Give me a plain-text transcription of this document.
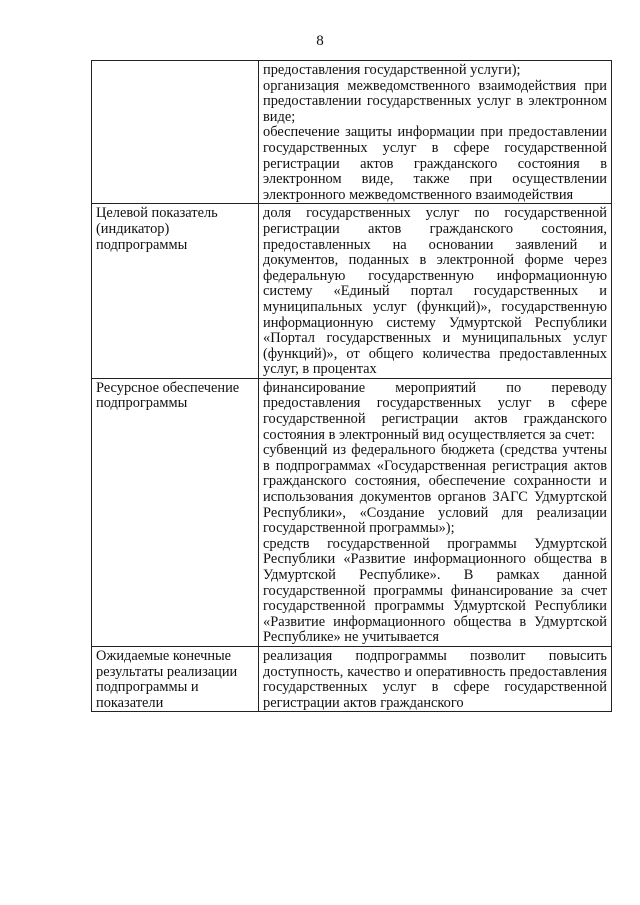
8

	предоставления государственной услуги);
организация межведомственного взаимодействия при предоставлении государственных услуг в электронном виде;
обеспечение защиты информации при предоставлении государственных услуг в сфере государственной регистрации актов гражданского состояния в электронном виде, также при осуществлении электронного межведомственного взаимодействия

Целевой показатель (индикатор) подпрограммы	доля государственных услуг по государственной регистрации актов гражданского состояния, предоставленных на основании заявлений и документов, поданных в электронной форме через федеральную государственную информационную систему «Единый портал государственных и муниципальных услуг (функций)», государственную информационную систему Удмуртской Республики «Портал государственных и муниципальных услуг (функций)», от общего количества предоставленных услуг, в процентах

Ресурсное обеспечение подпрограммы	финансирование мероприятий по переводу предоставления государственных услуг в сфере государственной регистрации актов гражданского состояния в электронный вид осуществляется за счет:
субвенций из федерального бюджета (средства учтены в подпрограммах «Государственная регистрация актов гражданского состояния, обеспечение сохранности и использования документов органов ЗАГС Удмуртской Республики», «Создание условий для реализации государственной программы»);
средств государственной программы Удмуртской Республики «Развитие информационного общества в Удмуртской Республике». В рамках данной государственной программы финансирование за счет государственной программы Удмуртской Республики «Развитие информационного общества в Удмуртской Республике» не учитывается

Ожидаемые конечные результаты реализации подпрограммы и показатели	реализация подпрограммы позволит повысить доступность, качество и оперативность предоставления государственных услуг в сфере государственной регистрации актов гражданского
